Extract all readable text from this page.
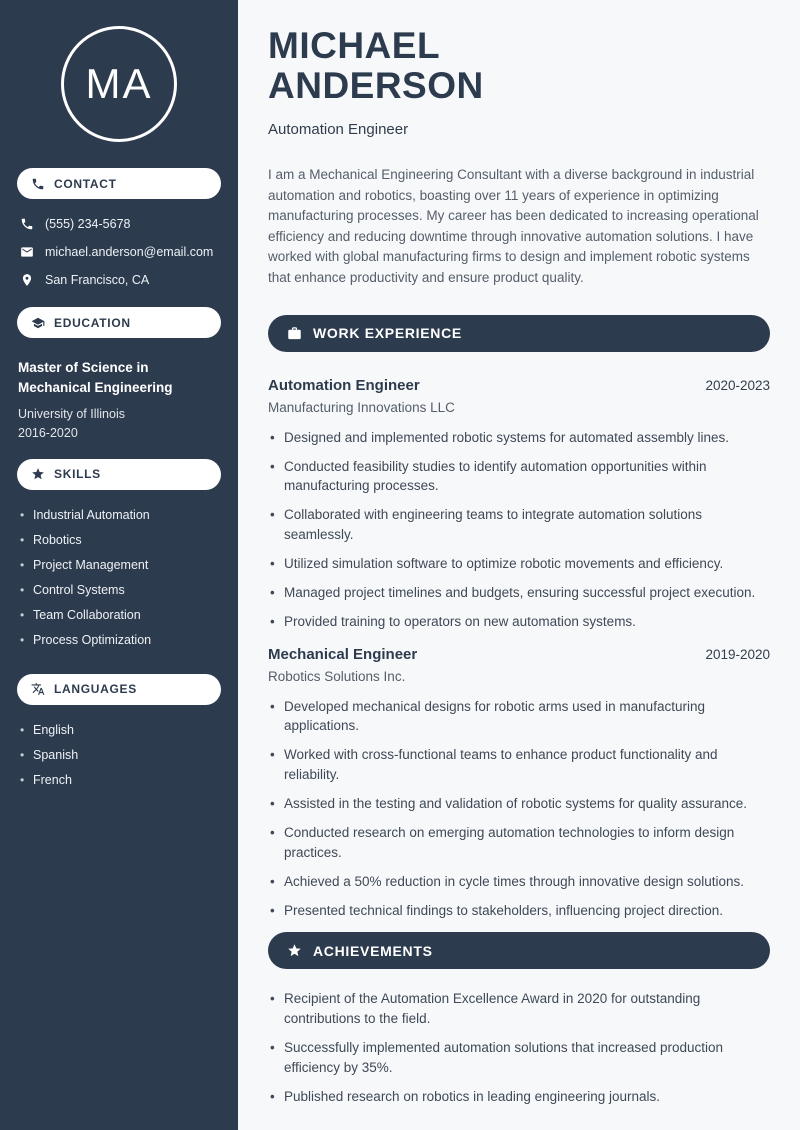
MA
CONTACT
(555) 234-5678
michael.anderson@email.com
San Francisco, CA
EDUCATION
Master of Science in Mechanical Engineering
University of Illinois
2016-2020
SKILLS
• Industrial Automation
• Robotics
• Project Management
• Control Systems
• Team Collaboration
• Process Optimization
LANGUAGES
• English
• Spanish
• French
MICHAEL
ANDERSON
Automation Engineer

I am a Mechanical Engineering Consultant with a diverse background in industrial automation and robotics, boasting over 11 years of experience in optimizing manufacturing processes. My career has been dedicated to increasing operational efficiency and reducing downtime through innovative automation solutions. I have worked with global manufacturing firms to design and implement robotic systems that enhance productivity and ensure product quality.

WORK EXPERIENCE
Automation Engineer	2020-2023
Manufacturing Innovations LLC
• Designed and implemented robotic systems for automated assembly lines.
• Conducted feasibility studies to identify automation opportunities within manufacturing processes.
• Collaborated with engineering teams to integrate automation solutions seamlessly.
• Utilized simulation software to optimize robotic movements and efficiency.
• Managed project timelines and budgets, ensuring successful project execution.
• Provided training to operators on new automation systems.
Mechanical Engineer	2019-2020
Robotics Solutions Inc.
• Developed mechanical designs for robotic arms used in manufacturing applications.
• Worked with cross-functional teams to enhance product functionality and reliability.
• Assisted in the testing and validation of robotic systems for quality assurance.
• Conducted research on emerging automation technologies to inform design practices.
• Achieved a 50% reduction in cycle times through innovative design solutions.
• Presented technical findings to stakeholders, influencing project direction.
ACHIEVEMENTS
• Recipient of the Automation Excellence Award in 2020 for outstanding contributions to the field.
• Successfully implemented automation solutions that increased production efficiency by 35%.
• Published research on robotics in leading engineering journals.
